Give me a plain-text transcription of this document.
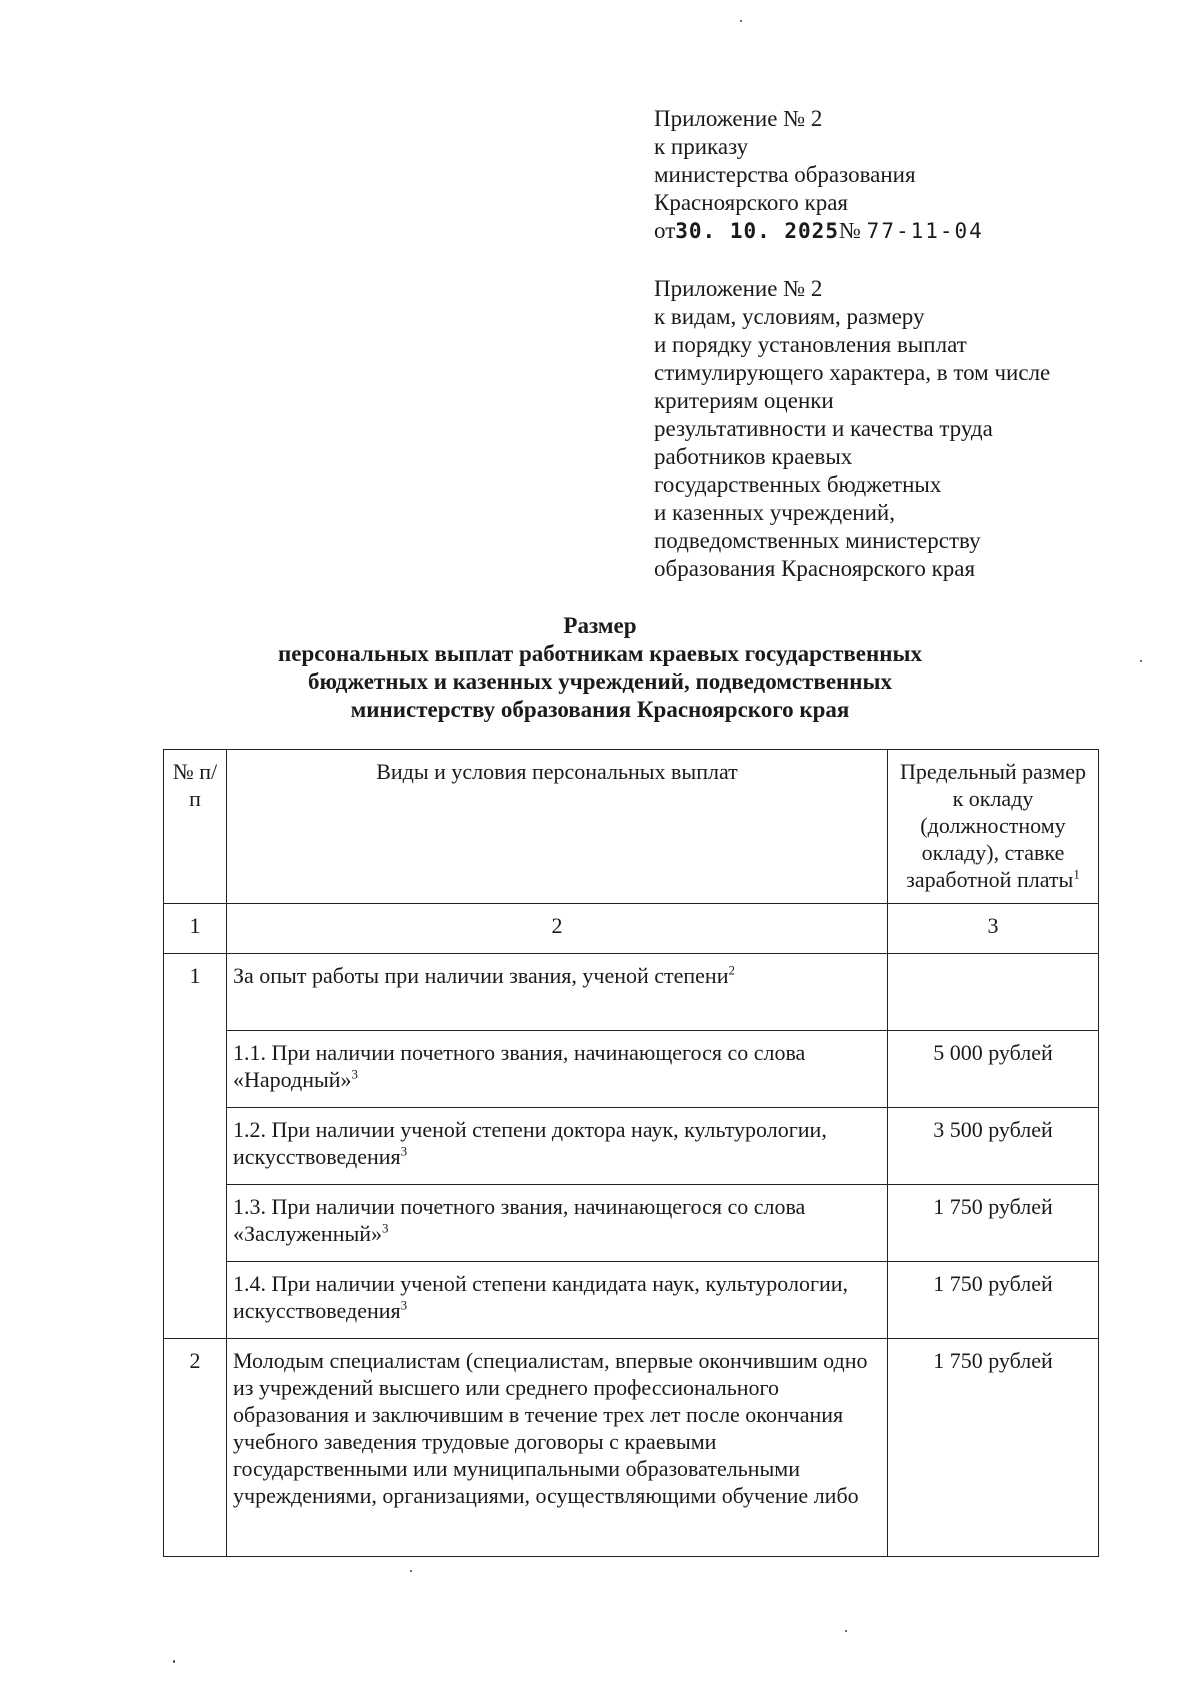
Приложение № 2
к приказу
министерства образования
Красноярского края
от30. 10. 2025№ 77-11-04
Приложение № 2
к видам, условиям, размеру
и порядку установления выплат
стимулирующего характера, в том числе
критериям оценки
результативности и качества труда
работников краевых
государственных бюджетных
и казенных учреждений,
подведомственных министерству
образования Красноярского края
Размер
персональных выплат работникам краевых государственных
бюджетных и казенных учреждений, подведомственных
министерству образования Красноярского края
№ п/п	Виды и условия персональных выплат	Предельный размер к окладу (должностному окладу), ставке заработной платы$^1$
1	2	3
1	За опыт работы при наличии звания, ученой степени$^2$	
	1.1. При наличии почетного звания, начинающегося со слова «Народный»$^3$	5 000 рублей
	1.2. При наличии ученой степени доктора наук, культурологии, искусствоведения$^3$	3 500 рублей
	1.3. При наличии почетного звания, начинающегося со слова «Заслуженный»$^3$	1 750 рублей
	1.4. При наличии ученой степени кандидата наук, культурологии, искусствоведения$^3$	1 750 рублей
2	Молодым специалистам (специалистам, впервые окончившим одно из учреждений высшего или среднего профессионального образования и заключившим в течение трех лет после окончания учебного заведения трудовые договоры с краевыми государственными или муниципальными образовательными учреждениями, организациями, осуществляющими обучение либо	1 750 рублей
